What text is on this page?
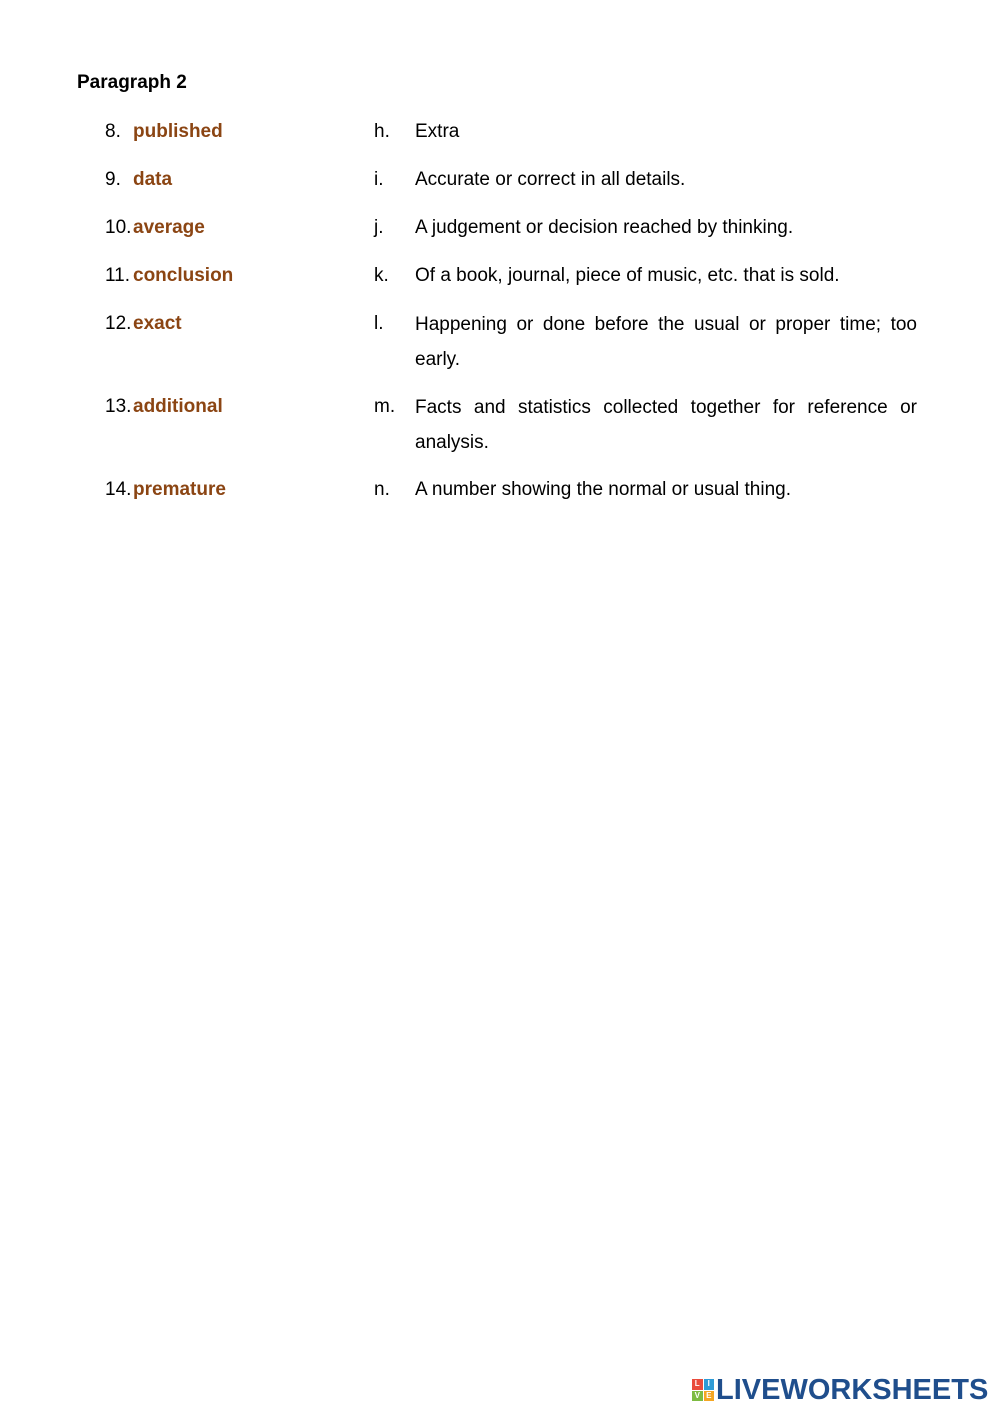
Paragraph 2
8. published	h. Extra
9. data	i. Accurate or correct in all details.
10. average	j. A judgement or decision reached by thinking.
11. conclusion	k. Of a book, journal, piece of music, etc. that is sold.
12. exact	l. Happening or done before the usual or proper time; too early.
13. additional	m. Facts and statistics collected together for reference or analysis.
14. premature	n. A number showing the normal or usual thing.
L I
V E LIVEWORKSHEETS
